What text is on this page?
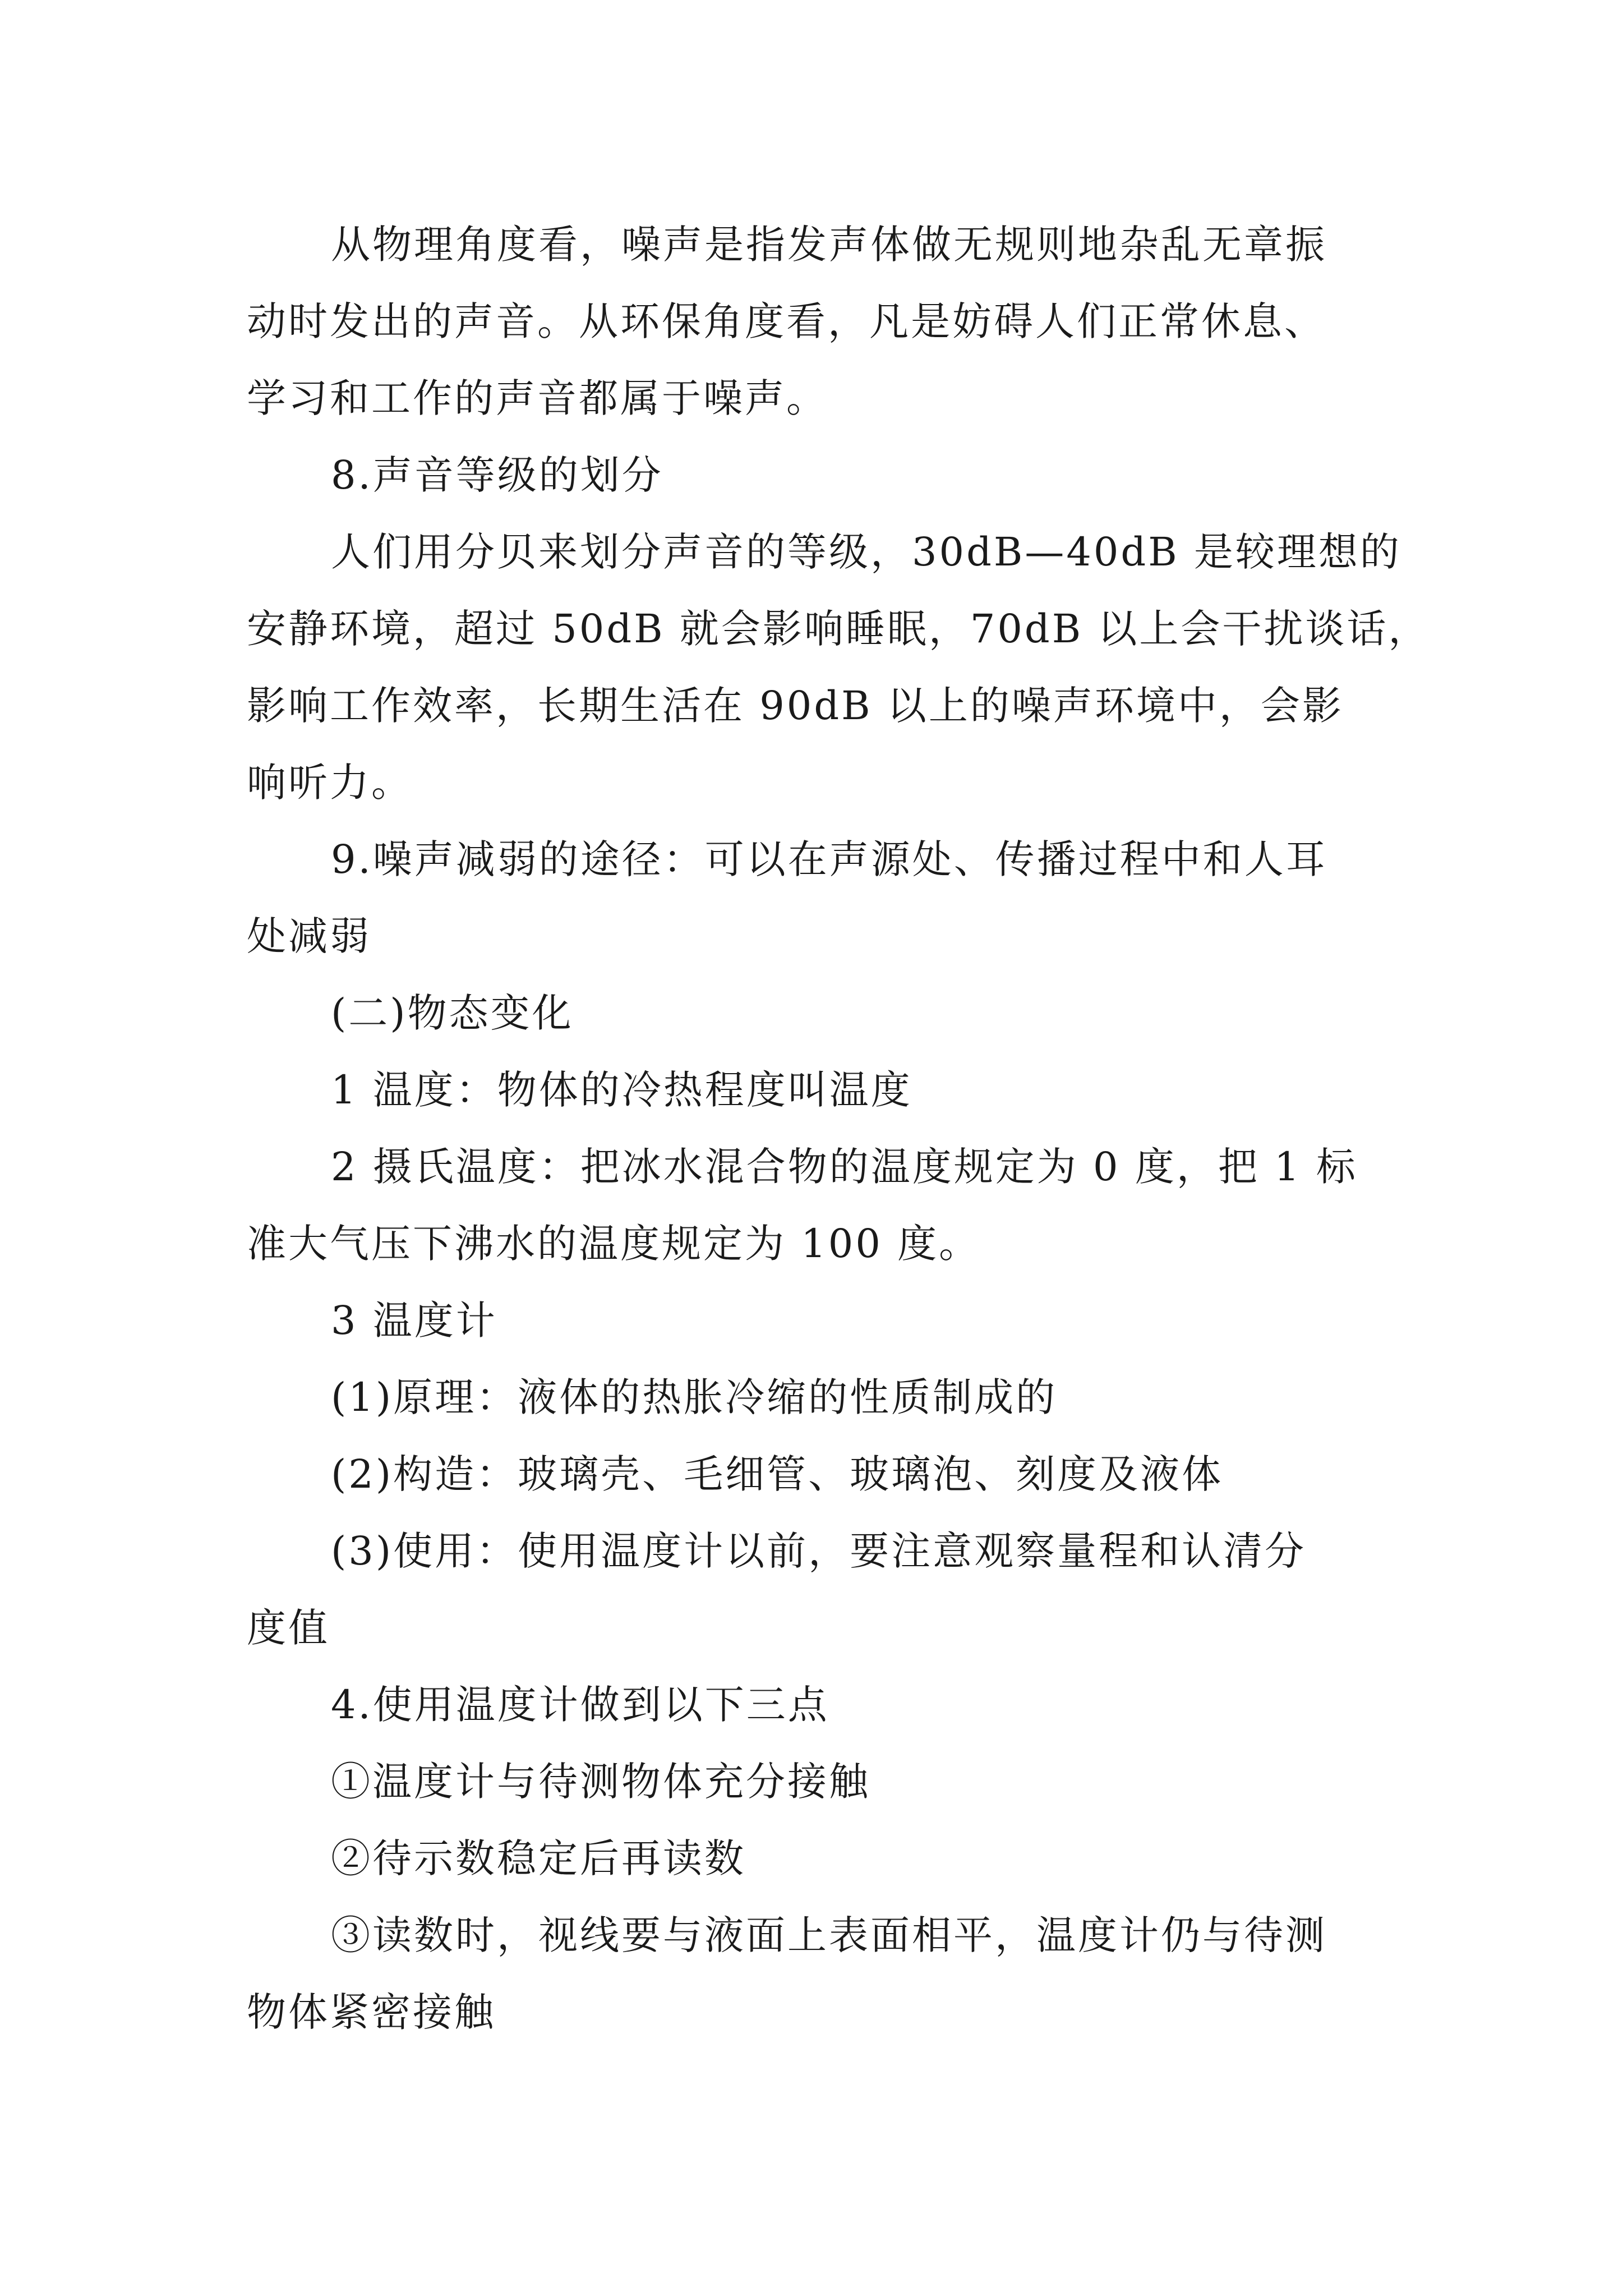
从物理角度看，噪声是指发声体做无规则地杂乱无章振
动时发出的声音。从环保角度看，凡是妨碍人们正常休息、
学习和工作的声音都属于噪声。
8.声音等级的划分
人们用分贝来划分声音的等级，30dB—40dB 是较理想的
安静环境，超过 50dB 就会影响睡眠，70dB 以上会干扰谈话，
影响工作效率，长期生活在 90dB 以上的噪声环境中，会影
响听力。
9.噪声减弱的途径：可以在声源处、传播过程中和人耳
处减弱
(二)物态变化
1 温度：物体的冷热程度叫温度
2 摄氏温度：把冰水混合物的温度规定为 0 度，把 1 标
准大气压下沸水的温度规定为 100 度。
3 温度计
(1)原理：液体的热胀冷缩的性质制成的
(2)构造：玻璃壳、毛细管、玻璃泡、刻度及液体
(3)使用：使用温度计以前，要注意观察量程和认清分
度值
4.使用温度计做到以下三点
①温度计与待测物体充分接触
②待示数稳定后再读数
③读数时，视线要与液面上表面相平，温度计仍与待测
物体紧密接触
